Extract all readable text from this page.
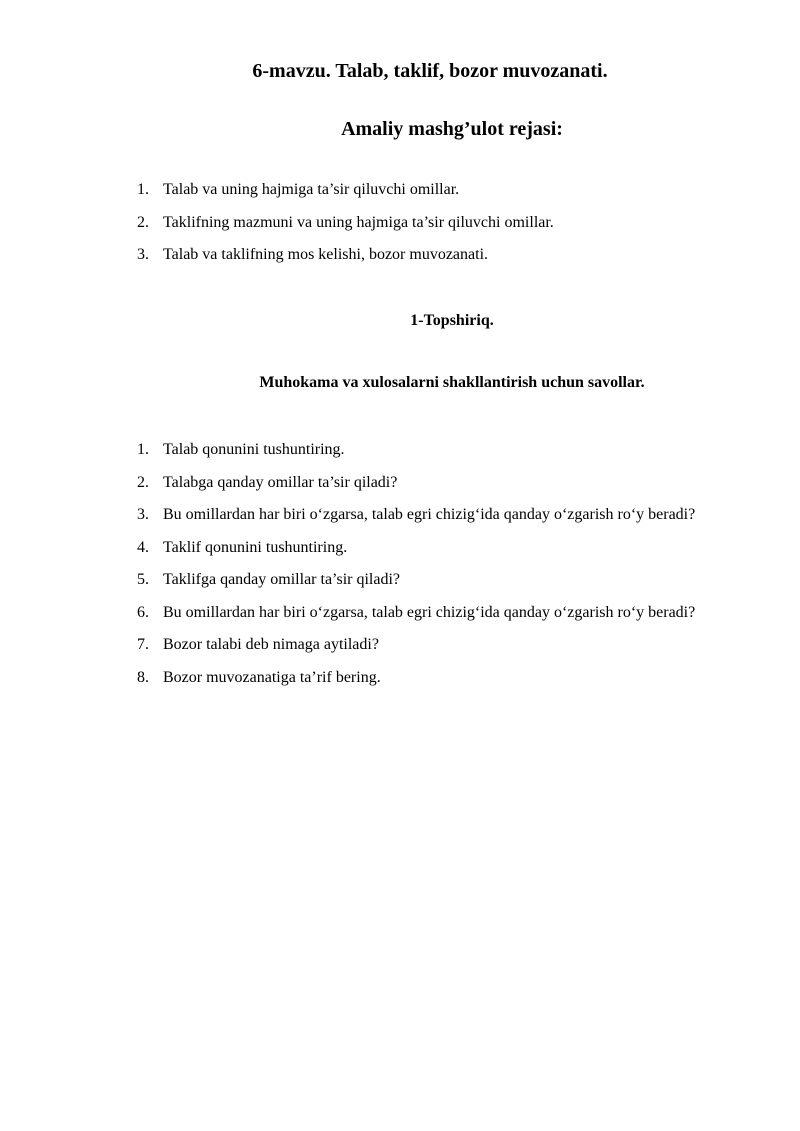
6-mavzu. Talab, taklif, bozor muvozanati.
Amaliy mashg’ulot rejasi:
1. Talab va uning hajmiga ta’sir qiluvchi omillar.
2. Taklifning mazmuni va uning hajmiga ta’sir qiluvchi omillar.
3. Talab va taklifning mos kelishi, bozor muvozanati.
1-Topshiriq.
Muhokama va xulosalarni shakllantirish uchun savollar.
1. Talab qonunini tushuntiring.
2. Talabga qanday omillar ta’sir qiladi?
3. Bu omillardan har biri o‘zgarsa, talab egri chizig‘ida qanday o‘zgarish ro‘y beradi?
4. Taklif qonunini tushuntiring.
5. Taklifga qanday omillar ta’sir qiladi?
6. Bu omillardan har biri o‘zgarsa, talab egri chizig‘ida qanday o‘zgarish ro‘y beradi?
7. Bozor talabi deb nimaga aytiladi?
8. Bozor muvozanatiga ta’rif bering.
